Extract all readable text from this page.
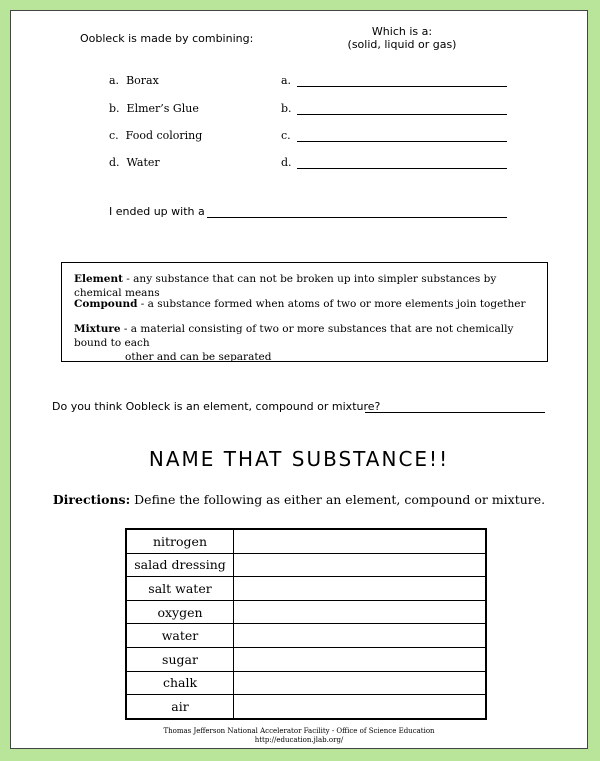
Oobleck is made by combining:
Which is a:
(solid, liquid or gas)
a. Borax
b. Elmer’s Glue
c. Food coloring
d. Water
a.
b.
c.
d.
I ended up with a
Element - any substance that can not be broken up into simpler substances by chemical means
Compound - a substance formed when atoms of two or more elements join together
Mixture - a material consisting of two or more substances that are not chemically bound to each
other and can be separated
Do you think Oobleck is an element, compound or mixture?
NAME THAT SUBSTANCE!!
Directions: Define the following as either an element, compound or mixture.
nitrogen	
salad dressing	
salt water	
oxygen	
water	
sugar	
chalk	
air	
Thomas Jefferson National Accelerator Facility - Office of Science Education
http://education.jlab.org/
